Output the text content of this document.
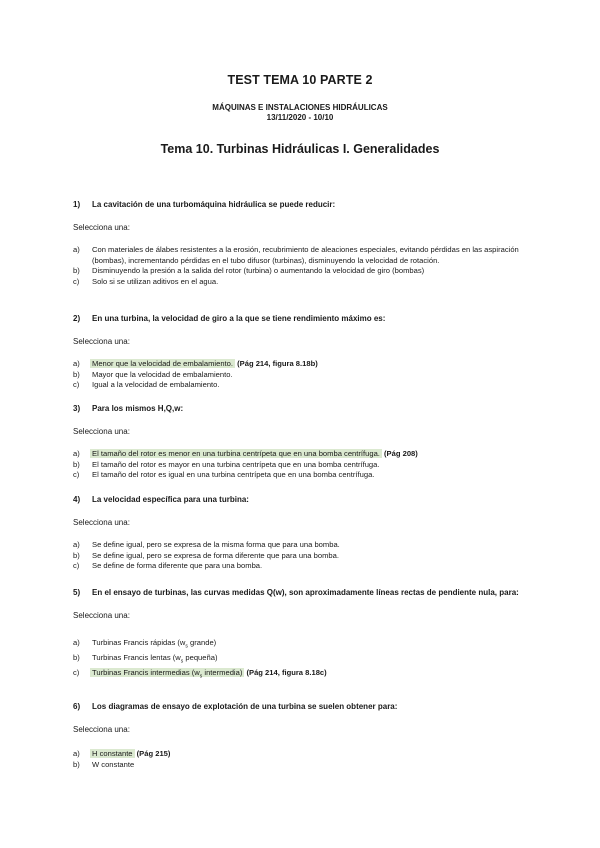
TEST TEMA 10 PARTE 2
MÁQUINAS E INSTALACIONES HIDRÁULICAS
13/11/2020 - 10/10
Tema 10. Turbinas Hidráulicas I. Generalidades
1)	La cavitación de una turbomáquina hidráulica se puede reducir:
Selecciona una:
a)	Con materiales de álabes resistentes a la erosión, recubrimiento de aleaciones especiales, evitando pérdidas en las aspiración (bombas), incrementando pérdidas en el tubo difusor (turbinas), disminuyendo la velocidad de rotación.
b)	Disminuyendo la presión a la salida del rotor (turbina) o aumentando la velocidad de giro (bombas)
c)	Solo si se utilizan aditivos en el agua.
2)	En una turbina, la velocidad de giro a la que se tiene rendimiento máximo es:
Selecciona una:
a)	Menor que la velocidad de embalamiento. (Pág 214, figura 8.18b)
b)	Mayor que la velocidad de embalamiento.
c)	Igual a la velocidad de embalamiento.
3)	Para los mismos H,Q,w:
Selecciona una:
a)	El tamaño del rotor es menor en una turbina centrípeta que en una bomba centrífuga. (Pág 208)
b)	El tamaño del rotor es mayor en una turbina centrípeta que en una bomba centrífuga.
c)	El tamaño del rotor es igual en una turbina centrípeta que en una bomba centrífuga.
4)	La velocidad específica para una turbina:
Selecciona una:
a)	Se define igual, pero se expresa de la misma forma que para una bomba.
b)	Se define igual, pero se expresa de forma diferente que para una bomba.
c)	Se define de forma diferente que para una bomba.
5)	En el ensayo de turbinas, las curvas medidas Q(w), son aproximadamente líneas rectas de pendiente nula, para:
Selecciona una:
a)	Turbinas Francis rápidas ($w_s$ grande)
b)	Turbinas Francis lentas ($w_s$ pequeña)
c)	Turbinas Francis intermedias ($w_s$ intermedia) (Pág 214, figura 8.18c)
6)	Los diagramas de ensayo de explotación de una turbina se suelen obtener para:
Selecciona una:
a)	H constante (Pág 215)
b)	W constante
